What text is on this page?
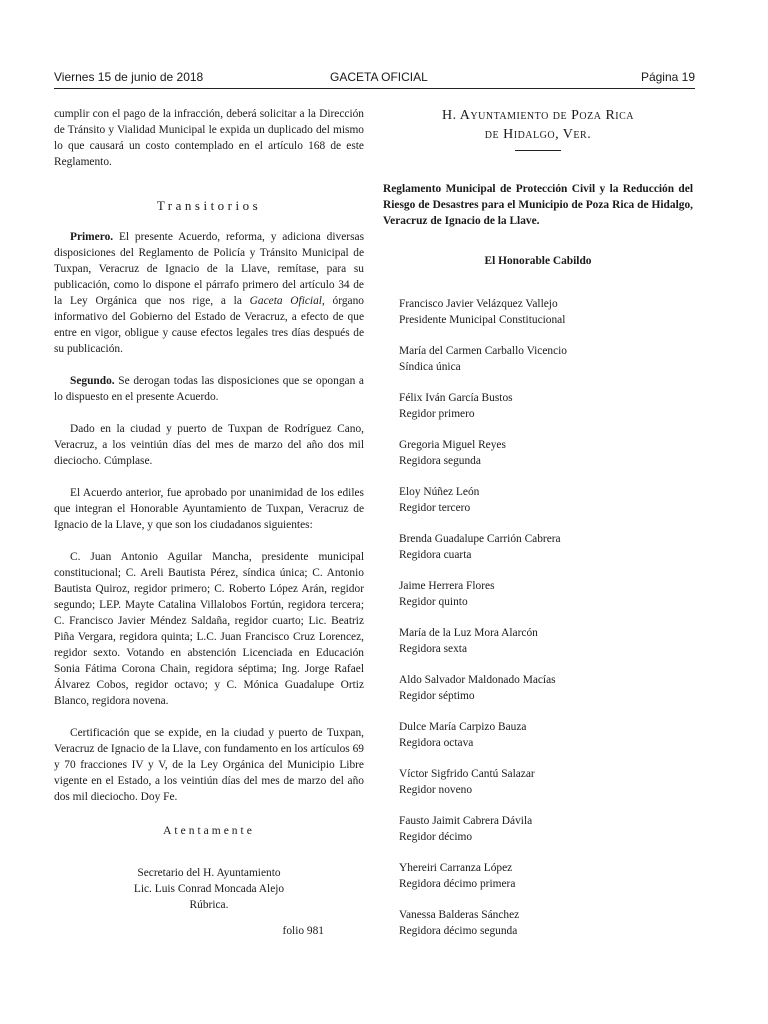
Viernes 15 de junio de 2018	GACETA OFICIAL	Página 19

cumplir con el pago de la infracción, deberá solicitar a la Dirección de Tránsito y Vialidad Municipal le expida un duplicado del mismo lo que causará un costo contemplado en el artículo 168 de este Reglamento.

Transitorios

Primero. El presente Acuerdo, reforma, y adiciona diversas disposiciones del Reglamento de Policía y Tránsito Municipal de Tuxpan, Veracruz de Ignacio de la Llave, remítase, para su publicación, como lo dispone el párrafo primero del artículo 34 de la Ley Orgánica que nos rige, a la Gaceta Oficial, órgano informativo del Gobierno del Estado de Veracruz, a efecto de que entre en vigor, obligue y cause efectos legales tres días después de su publicación.

Segundo. Se derogan todas las disposiciones que se opongan a lo dispuesto en el presente Acuerdo.

Dado en la ciudad y puerto de Tuxpan de Rodríguez Cano, Veracruz, a los veintiún días del mes de marzo del año dos mil dieciocho. Cúmplase.

El Acuerdo anterior, fue aprobado por unanimidad de los ediles que integran el Honorable Ayuntamiento de Tuxpan, Veracruz de Ignacio de la Llave, y que son los ciudadanos siguientes:

C. Juan Antonio Aguilar Mancha, presidente municipal constitucional; C. Areli Bautista Pérez, síndica única; C. Antonio Bautista Quiroz, regidor primero; C. Roberto López Arán, regidor segundo; LEP. Mayte Catalina Villalobos Fortún, regidora tercera; C. Francisco Javier Méndez Saldaña, regidor cuarto; Lic. Beatriz Piña Vergara, regidora quinta; L.C. Juan Francisco Cruz Lorencez, regidor sexto. Votando en abstención Licenciada en Educación Sonia Fátima Corona Chain, regidora séptima; Ing. Jorge Rafael Álvarez Cobos, regidor octavo; y C. Mónica Guadalupe Ortiz Blanco, regidora novena.

Certificación que se expide, en la ciudad y puerto de Tuxpan, Veracruz de Ignacio de la Llave, con fundamento en los artículos 69 y 70 fracciones IV y V, de la Ley Orgánica del Municipio Libre vigente en el Estado, a los veintiún días del mes de marzo del año dos mil dieciocho. Doy Fe.

Atentamente

Secretario del H. Ayuntamiento

Lic. Luis Conrad Moncada Alejo

Rúbrica.

folio 981

H. Ayuntamiento de Poza Rica
de Hidalgo, Ver.
Reglamento Municipal de Protección Civil y la Reducción del Riesgo de Desastres para el Municipio de Poza Rica de Hidalgo, Veracruz de Ignacio de la Llave.
El Honorable Cabildo
Francisco Javier Velázquez Vallejo
Presidente Municipal Constitucional
María del Carmen Carballo Vicencio
Síndica única
Félix Iván García Bustos
Regidor primero
Gregoria Miguel Reyes
Regidora segunda
Eloy Núñez León
Regidor tercero
Brenda Guadalupe Carrión Cabrera
Regidora cuarta
Jaime Herrera Flores
Regidor quinto
María de la Luz Mora Alarcón
Regidora sexta
Aldo Salvador Maldonado Macías
Regidor séptimo
Dulce María Carpizo Bauza
Regidora octava
Víctor Sigfrido Cantú Salazar
Regidor noveno
Fausto Jaimit Cabrera Dávila
Regidor décimo
Yhereiri Carranza López
Regidora décimo primera
Vanessa Balderas Sánchez
Regidora décimo segunda
